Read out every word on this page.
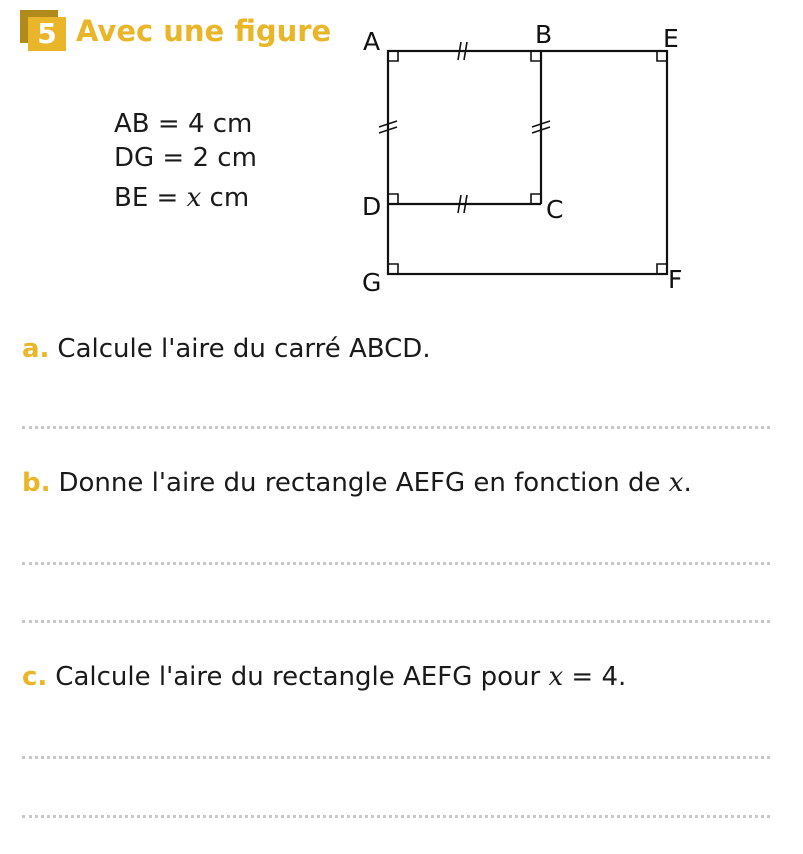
5 Avec une figure
AB = 4 cm
DG = 2 cm
BE = x cm
A	B	E
D	C
G	F
a. Calcule l'aire du carré ABCD.
b. Donne l'aire du rectangle AEFG en fonction de x.
c. Calcule l'aire du rectangle AEFG pour x = 4.
